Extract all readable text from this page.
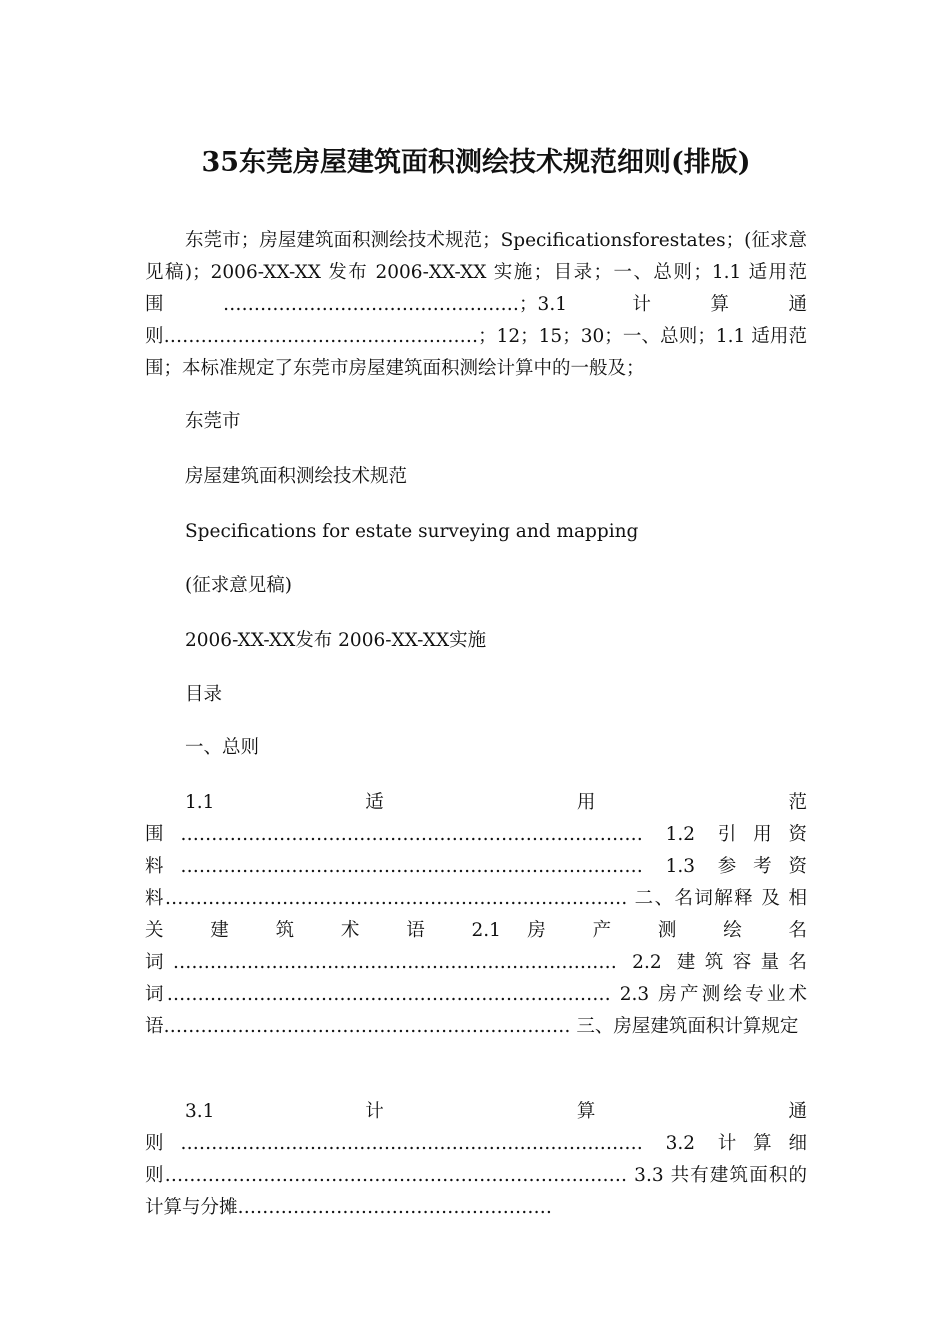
35东莞房屋建筑面积测绘技术规范细则(排版)
东莞市；房屋建筑面积测绘技术规范；Specificationsforestates；(征求意见稿)；2006-XX-XX 发布 2006-XX-XX 实施；目录；一、总则；1.1 适用范围…………………………………………；3.1 计算通则……………………………………………；12；15；30；一、总则；1.1 适用范围；本标准规定了东莞市房屋建筑面积测绘计算中的一般及；
东莞市
房屋建筑面积测绘技术规范
Specifications for estate surveying and mapping
(征求意见稿)
2006-XX-XX发布 2006-XX-XX实施
目录
一、总则
1.1　　　　　　　适　　　　　　　　　用　　　　　　　　　范围………………………………………………………………… 1.2 引用资料………………………………………………………………… 1.3 参考资料………………………………………………………………… 二、名词解释 及 相 关 建 筑 术 语 2.1 房 产 测 绘 名词……………………………………………………………… 2.2 建筑容量名词……………………………………………………………… 2.3 房产测绘专业术语………………………………………………………… 三、房屋建筑面积计算规定
3.1　　　　　　　计　　　　　　　　　算　　　　　　　　　通则………………………………………………………………… 3.2 计算细则………………………………………………………………… 3.3 共有建筑面积的计算与分摊……………………………………………
